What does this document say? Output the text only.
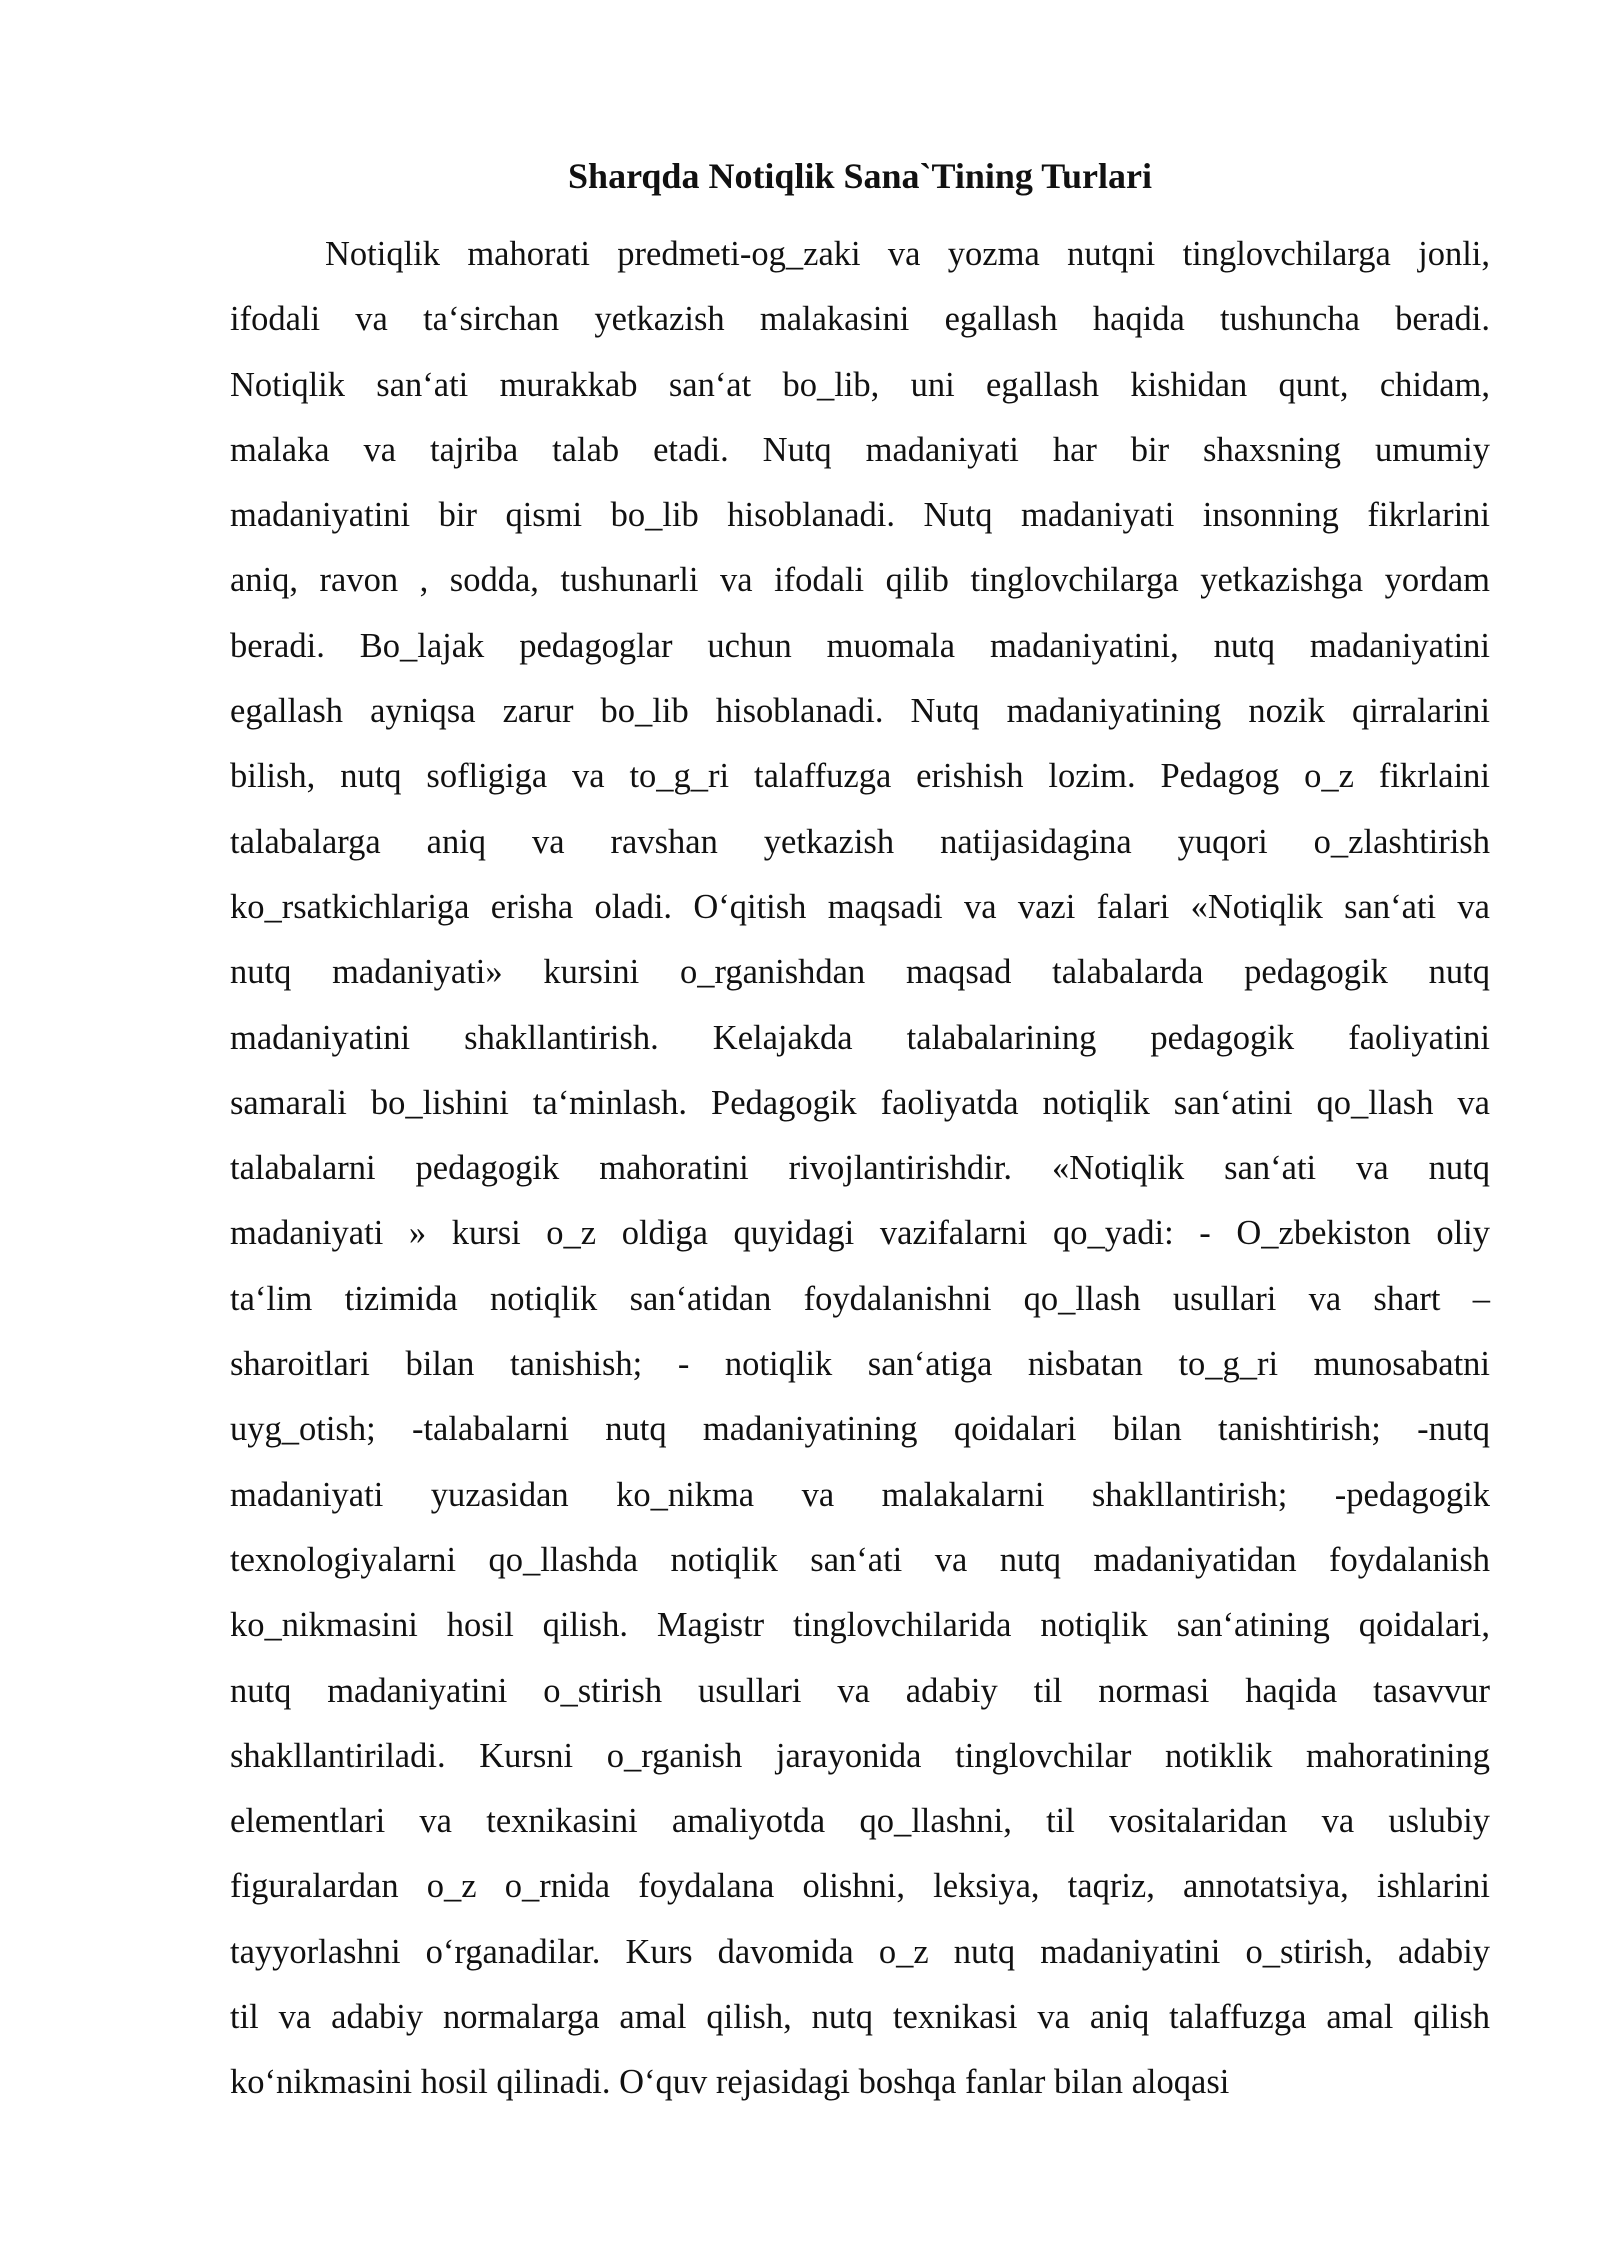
Sharqda Notiqlik Sana`Tining Turlari
Notiqlik mahorati predmeti-og_zaki va yozma nutqni tinglovchilarga jonli,
ifodali va ta‘sirchan yetkazish malakasini egallash haqida tushuncha beradi.
Notiqlik san‘ati murakkab san‘at bo_lib, uni egallash kishidan qunt, chidam,
malaka va tajriba talab etadi. Nutq madaniyati har bir shaxsning umumiy
madaniyatini bir qismi bo_lib hisoblanadi. Nutq madaniyati insonning fikrlarini
aniq, ravon , sodda, tushunarli va ifodali qilib tinglovchilarga yetkazishga yordam
beradi. Bo_lajak pedagoglar uchun muomala madaniyatini, nutq madaniyatini
egallash ayniqsa zarur bo_lib hisoblanadi. Nutq madaniyatining nozik qirralarini
bilish, nutq sofligiga va to_g_ri talaffuzga erishish lozim. Pedagog o_z fikrlaini
talabalarga aniq va ravshan yetkazish natijasidagina yuqori o_zlashtirish
ko_rsatkichlariga erisha oladi. O‘qitish maqsadi va vazi falari «Notiqlik san‘ati va
nutq madaniyati» kursini o_rganishdan maqsad talabalarda pedagogik nutq
madaniyatini shakllantirish. Kelajakda talabalarining pedagogik faoliyatini
samarali bo_lishini ta‘minlash. Pedagogik faoliyatda notiqlik san‘atini qo_llash va
talabalarni pedagogik mahoratini rivojlantirishdir. «Notiqlik san‘ati va nutq
madaniyati » kursi o_z oldiga quyidagi vazifalarni qo_yadi: - O_zbekiston oliy
ta‘lim tizimida notiqlik san‘atidan foydalanishni qo_llash usullari va shart –
sharoitlari bilan tanishish; - notiqlik san‘atiga nisbatan to_g_ri munosabatni
uyg_otish; -talabalarni nutq madaniyatining qoidalari bilan tanishtirish; -nutq
madaniyati yuzasidan ko_nikma va malakalarni shakllantirish; -pedagogik
texnologiyalarni qo_llashda notiqlik san‘ati va nutq madaniyatidan foydalanish
ko_nikmasini hosil qilish. Magistr tinglovchilarida notiqlik san‘atining qoidalari,
nutq madaniyatini o_stirish usullari va adabiy til normasi haqida tasavvur
shakllantiriladi. Kursni o_rganish jarayonida tinglovchilar notiklik mahoratining
elementlari va texnikasini amaliyotda qo_llashni, til vositalaridan va uslubiy
figuralardan o_z o_rnida foydalana olishni, leksiya, taqriz, annotatsiya, ishlarini
tayyorlashni o‘rganadilar. Kurs davomida o_z nutq madaniyatini o_stirish, adabiy
til va adabiy normalarga amal qilish, nutq texnikasi va aniq talaffuzga amal qilish
ko‘nikmasini hosil qilinadi. O‘quv rejasidagi boshqa fanlar bilan aloqasi
